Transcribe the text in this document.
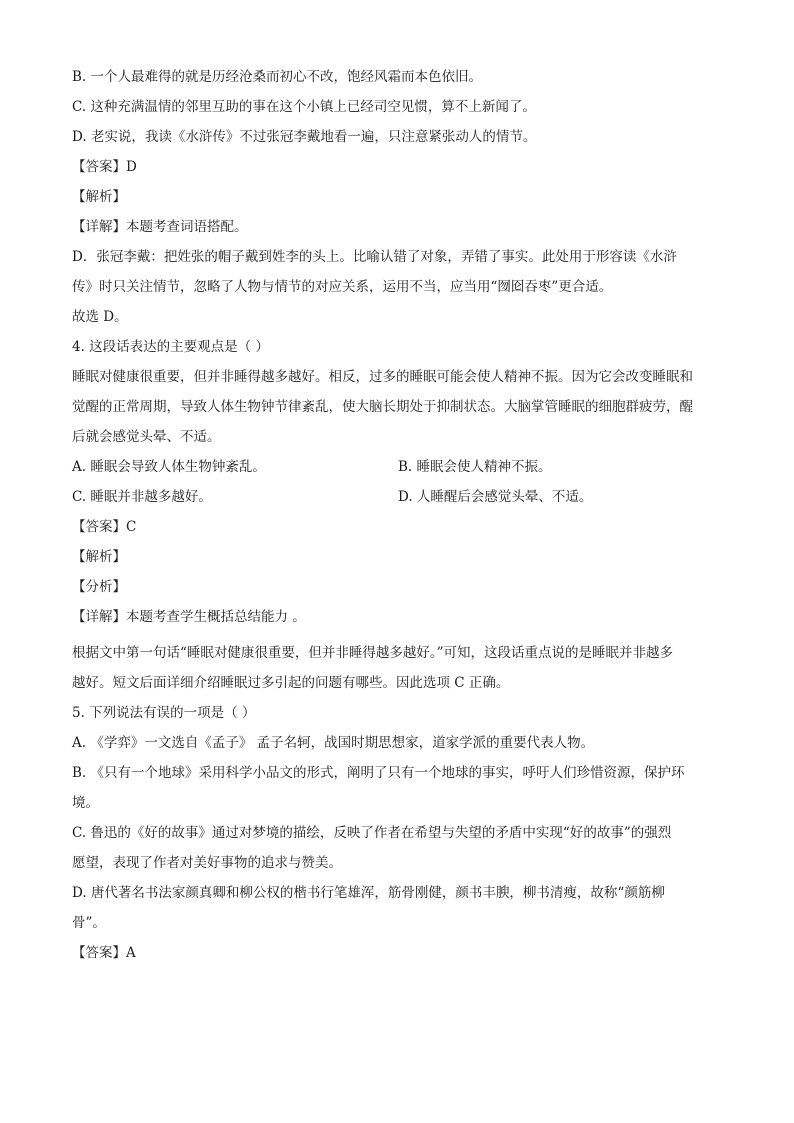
B. 一个人最难得的就是历经沧桑而初心不改，饱经风霜而本色依旧。
C. 这种充满温情的邻里互助的事在这个小镇上已经司空见惯，算不上新闻了。
D. 老实说，我读《水浒传》不过张冠李戴地看一遍，只注意紧张动人的情节。
【答案】D
【解析】
【详解】本题考查词语搭配。
D．张冠李戴：把姓张的帽子戴到姓李的头上。比喻认错了对象，弄错了事实。此处用于形容读《水浒
传》时只关注情节，忽略了人物与情节的对应关系，运用不当，应当用“囫囵吞枣”更合适。
故选 D。
4. 这段话表达的主要观点是（ ）
睡眠对健康很重要，但并非睡得越多越好。相反，过多的睡眠可能会使人精神不振。因为它会改变睡眠和
觉醒的正常周期，导致人体生物钟节律紊乱，使大脑长期处于抑制状态。大脑掌管睡眠的细胞群疲劳，醒
后就会感觉头晕、不适。
A. 睡眠会导致人体生物钟紊乱。	B. 睡眠会使人精神不振。
C. 睡眠并非越多越好。	D. 人睡醒后会感觉头晕、不适。
【答案】C
【解析】
【分析】
【详解】本题考查学生概括总结能力 。
根据文中第一句话“睡眠对健康很重要，但并非睡得越多越好。”可知，这段话重点说的是睡眠并非越多
越好。短文后面详细介绍睡眠过多引起的问题有哪些。因此选项 C 正确。
5. 下列说法有误的一项是（ ）
A. 《学弈》一文选自《孟子》 孟子名轲，战国时期思想家，道家学派的重要代表人物。
B. 《只有一个地球》采用科学小品文的形式，阐明了只有一个地球的事实，呼吁人们珍惜资源，保护环
境。
C. 鲁迅的《好的故事》通过对梦境的描绘，反映了作者在希望与失望的矛盾中实现“好的故事”的强烈
愿望，表现了作者对美好事物的追求与赞美。
D. 唐代著名书法家颜真卿和柳公权的楷书行笔雄浑，筋骨刚健，颜书丰腴，柳书清瘦，故称“颜筋柳
骨”。
【答案】A
